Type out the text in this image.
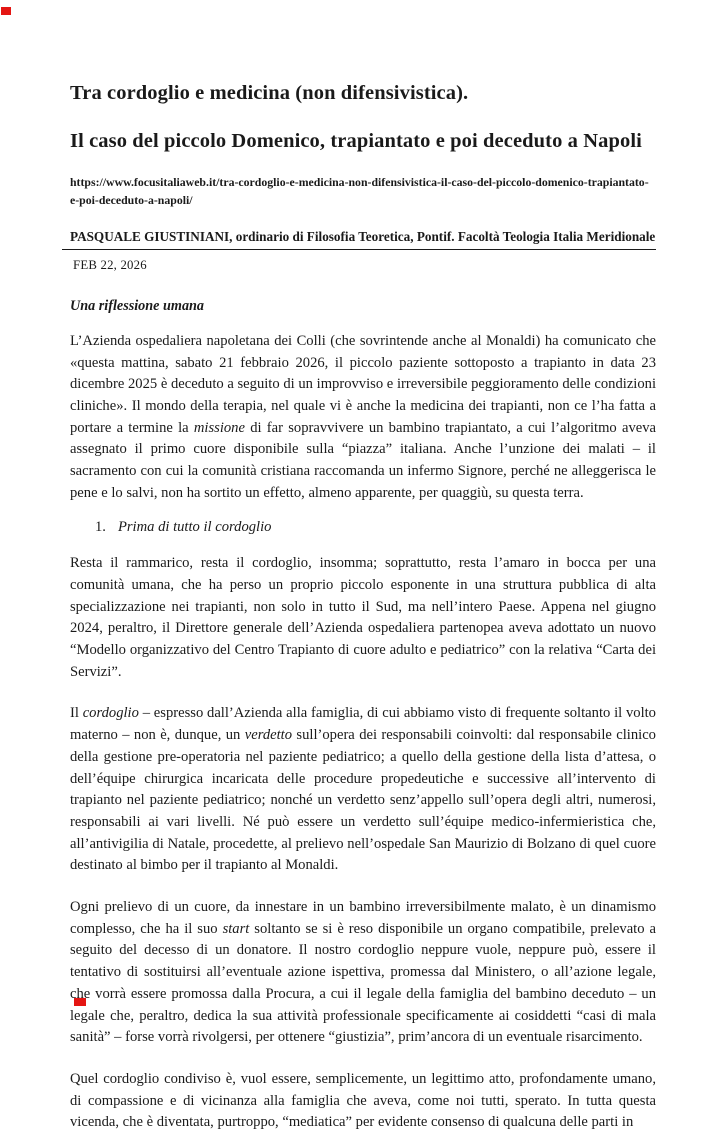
Tra cordoglio e medicina (non difensivistica).
Il caso del piccolo Domenico, trapiantato e poi deceduto a Napoli

https://www.focusitaliaweb.it/tra-cordoglio-e-medicina-non-difensivistica-il-caso-del-piccolo-domenico-trapiantato-e-poi-deceduto-a-napoli/

PASQUALE GIUSTINIANI, ordinario di Filosofia Teoretica, Pontif. Facoltà Teologia Italia Meridionale

FEB 22, 2026

Una riflessione umana

L’Azienda ospedaliera napoletana dei Colli (che sovrintende anche al Monaldi) ha comunicato che «questa mattina, sabato 21 febbraio 2026, il piccolo paziente sottoposto a trapianto in data 23 dicembre 2025 è deceduto a seguito di un improvviso e irreversibile peggioramento delle condizioni cliniche». Il mondo della terapia, nel quale vi è anche la medicina dei trapianti, non ce l’ha fatta a portare a termine la missione di far sopravvivere un bambino trapiantato, a cui l’algoritmo aveva assegnato il primo cuore disponibile sulla “piazza” italiana. Anche l’unzione dei malati – il sacramento con cui la comunità cristiana raccomanda un infermo Signore, perché ne alleggerisca le pene e lo salvi, non ha sortito un effetto, almeno apparente, per quaggiù, su questa terra.

1. Prima di tutto il cordoglio

Resta il rammarico, resta il cordoglio, insomma; soprattutto, resta l’amaro in bocca per una comunità umana, che ha perso un proprio piccolo esponente in una struttura pubblica di alta specializzazione nei trapianti, non solo in tutto il Sud, ma nell’intero Paese. Appena nel giugno 2024, peraltro, il Direttore generale dell’Azienda ospedaliera partenopea aveva adottato un nuovo “Modello organizzativo del Centro Trapianto di cuore adulto e pediatrico” con la relativa “Carta dei Servizi”.

Il cordoglio – espresso dall’Azienda alla famiglia, di cui abbiamo visto di frequente soltanto il volto materno – non è, dunque, un verdetto sull’opera dei responsabili coinvolti: dal responsabile clinico della gestione pre-operatoria nel paziente pediatrico; a quello della gestione della lista d’attesa, o dell’équipe chirurgica incaricata delle procedure propedeutiche e successive all’intervento di trapianto nel paziente pediatrico; nonché un verdetto senz’appello sull’opera degli altri, numerosi, responsabili ai vari livelli. Né può essere un verdetto sull’équipe medico-infermieristica che, all’antivigilia di Natale, procedette, al prelievo nell’ospedale San Maurizio di Bolzano di quel cuore destinato al bimbo per il trapianto al Monaldi.

Ogni prelievo di un cuore, da innestare in un bambino irreversibilmente malato, è un dinamismo complesso, che ha il suo start soltanto se si è reso disponibile un organo compatibile, prelevato a seguito del decesso di un donatore. Il nostro cordoglio neppure vuole, neppure può, essere il tentativo di sostituirsi all’eventuale azione ispettiva, promessa dal Ministero, o all’azione legale, che vorrà essere promossa dalla Procura, a cui il legale della famiglia del bambino deceduto – un legale che, peraltro, dedica la sua attività professionale specificamente ai cosiddetti “casi di mala sanità” – forse vorrà rivolgersi, per ottenere “giustizia”, prim’ancora di un eventuale risarcimento.

Quel cordoglio condiviso è, vuol essere, semplicemente, un legittimo atto, profondamente umano, di compassione e di vicinanza alla famiglia che aveva, come noi tutti, sperato. In tutta questa vicenda, che è diventata, purtroppo, “mediatica” per evidente consenso di qualcuna delle parti in
